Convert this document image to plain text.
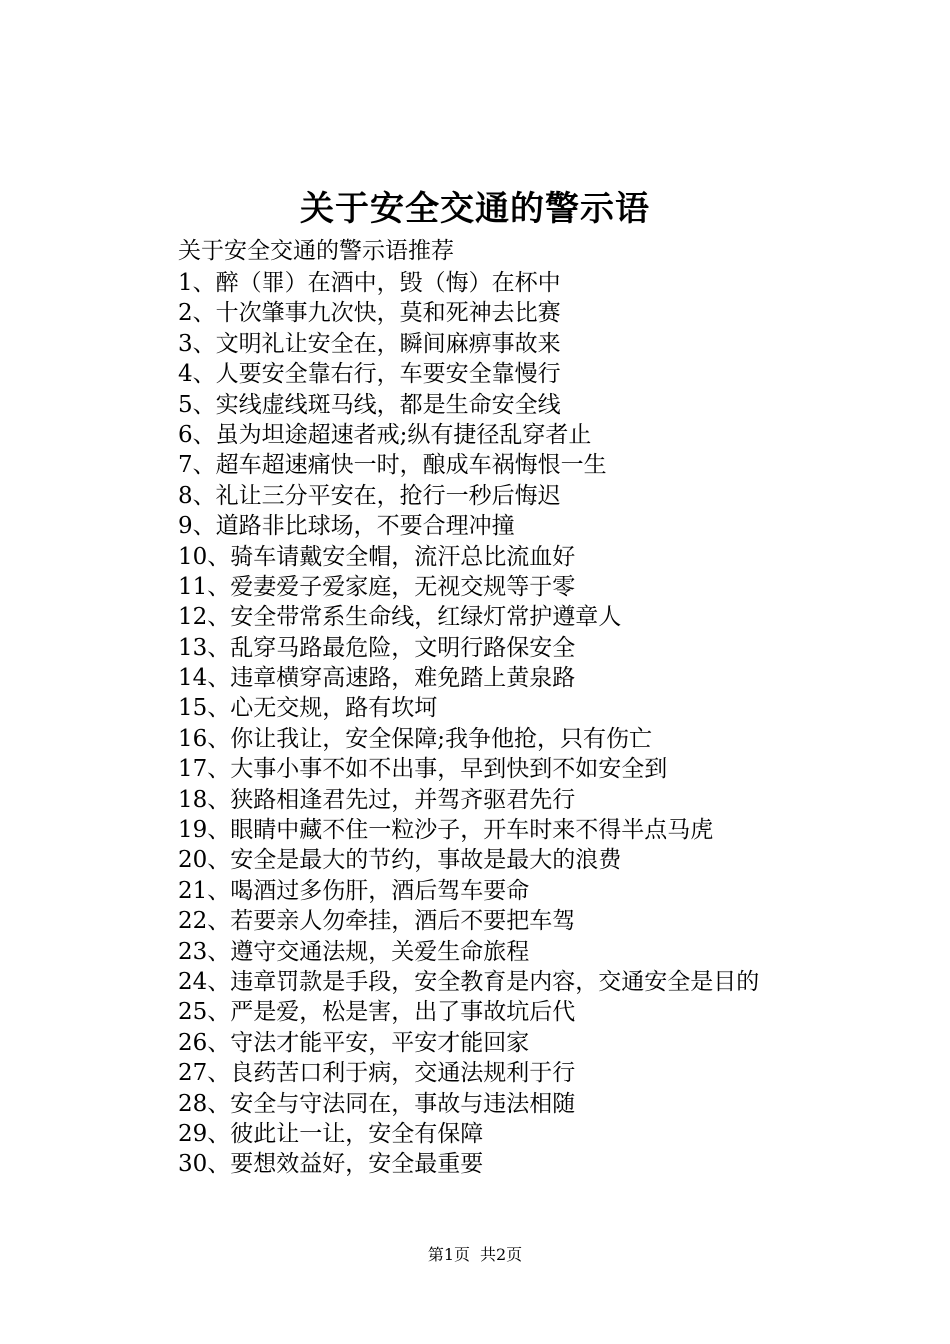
关于安全交通的警示语
关于安全交通的警示语推荐
1、醉（罪）在酒中，毁（悔）在杯中
2、十次肇事九次快，莫和死神去比赛
3、文明礼让安全在，瞬间麻痹事故来
4、人要安全靠右行，车要安全靠慢行
5、实线虚线斑马线，都是生命安全线
6、虽为坦途超速者戒;纵有捷径乱穿者止
7、超车超速痛快一时，酿成车祸悔恨一生
8、礼让三分平安在，抢行一秒后悔迟
9、道路非比球场，不要合理冲撞
10、骑车请戴安全帽，流汗总比流血好
11、爱妻爱子爱家庭，无视交规等于零
12、安全带常系生命线，红绿灯常护遵章人
13、乱穿马路最危险，文明行路保安全
14、违章横穿高速路，难免踏上黄泉路
15、心无交规，路有坎坷
16、你让我让，安全保障;我争他抢，只有伤亡
17、大事小事不如不出事，早到快到不如安全到
18、狭路相逢君先过，并驾齐驱君先行
19、眼睛中藏不住一粒沙子，开车时来不得半点马虎
20、安全是最大的节约，事故是最大的浪费
21、喝酒过多伤肝，酒后驾车要命
22、若要亲人勿牵挂，酒后不要把车驾
23、遵守交通法规，关爱生命旅程
24、违章罚款是手段，安全教育是内容，交通安全是目的
25、严是爱，松是害，出了事故坑后代
26、守法才能平安，平安才能回家
27、良药苦口利于病，交通法规利于行
28、安全与守法同在，事故与违法相随
29、彼此让一让，安全有保障
30、要想效益好，安全最重要
第1页 共2页
